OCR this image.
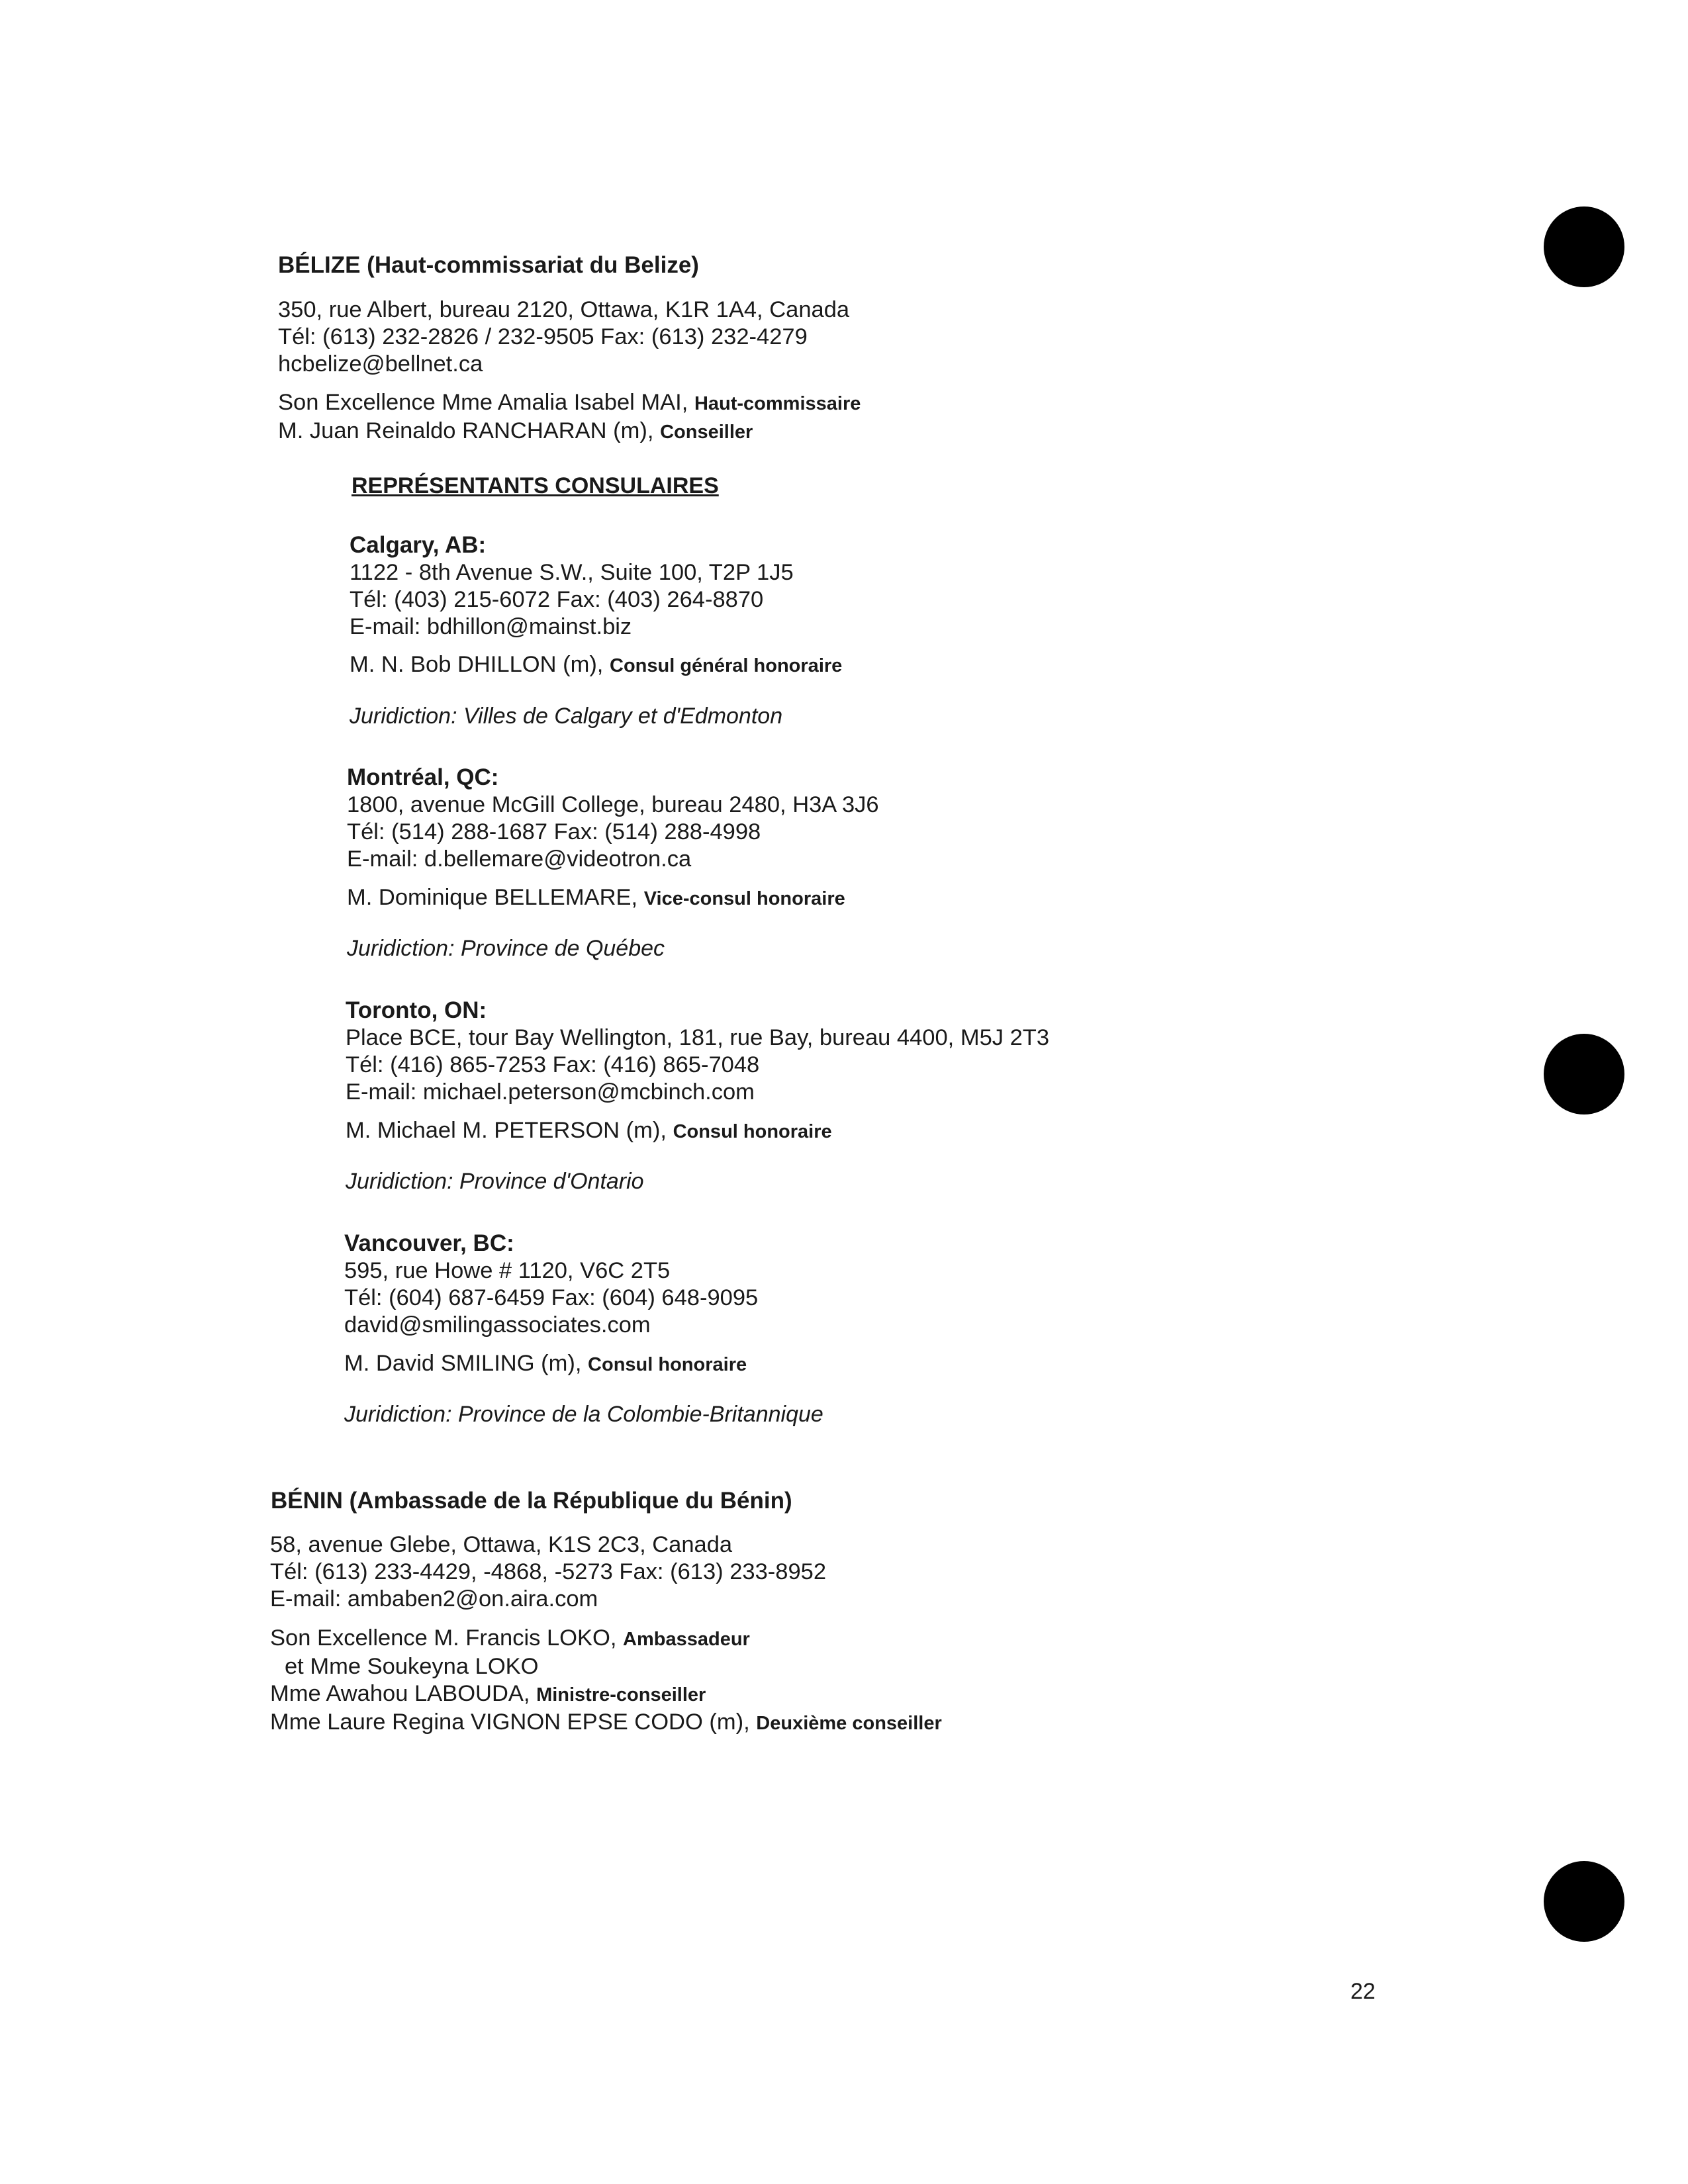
BÉLIZE (Haut-commissariat du Belize)
350, rue Albert, bureau 2120, Ottawa, K1R 1A4, Canada
Tél: (613) 232-2826 / 232-9505 Fax: (613) 232-4279
hcbelize@bellnet.ca
Son Excellence Mme Amalia Isabel MAI, Haut-commissaire
M. Juan Reinaldo RANCHARAN (m), Conseiller
REPRÉSENTANTS CONSULAIRES
Calgary, AB:
1122 - 8th Avenue S.W., Suite 100, T2P 1J5
Tél: (403) 215-6072 Fax: (403) 264-8870
E-mail: bdhillon@mainst.biz
M. N. Bob DHILLON (m), Consul général honoraire
Juridiction: Villes de Calgary et d'Edmonton
Montréal, QC:
1800, avenue McGill College, bureau 2480, H3A 3J6
Tél: (514) 288-1687 Fax: (514) 288-4998
E-mail: d.bellemare@videotron.ca
M. Dominique BELLEMARE, Vice-consul honoraire
Juridiction: Province de Québec
Toronto, ON:
Place BCE, tour Bay Wellington, 181, rue Bay, bureau 4400, M5J 2T3
Tél: (416) 865-7253 Fax: (416) 865-7048
E-mail: michael.peterson@mcbinch.com
M. Michael M. PETERSON (m), Consul honoraire
Juridiction: Province d'Ontario
Vancouver, BC:
595, rue Howe # 1120, V6C 2T5
Tél: (604) 687-6459 Fax: (604) 648-9095
david@smilingassociates.com
M. David SMILING (m), Consul honoraire
Juridiction: Province de la Colombie-Britannique
BÉNIN (Ambassade de la République du Bénin)
58, avenue Glebe, Ottawa, K1S 2C3, Canada
Tél: (613) 233-4429, -4868, -5273 Fax: (613) 233-8952
E-mail: ambaben2@on.aira.com
Son Excellence M. Francis LOKO, Ambassadeur
et Mme Soukeyna LOKO
Mme Awahou LABOUDA, Ministre-conseiller
Mme Laure Regina VIGNON EPSE CODO (m), Deuxième conseiller
22
